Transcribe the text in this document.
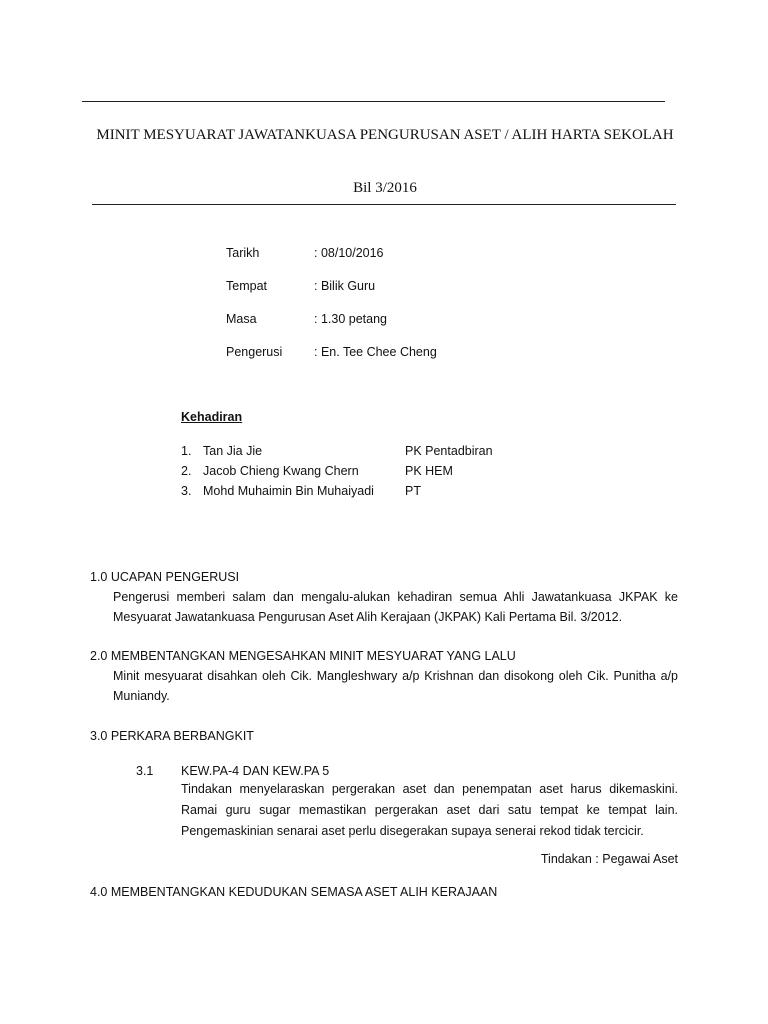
MINIT MESYUARAT JAWATANKUASA PENGURUSAN ASET / ALIH HARTA SEKOLAH
Bil 3/2016
Tarikh	: 08/10/2016
Tempat	: Bilik Guru
Masa	: 1.30 petang
Pengerusi	: En. Tee Chee Cheng
Kehadiran
1. Tan Jia Jie	PK Pentadbiran
2. Jacob Chieng Kwang Chern	PK HEM
3. Mohd Muhaimin Bin Muhaiyadi PT
1.0 UCAPAN PENGERUSI
Pengerusi memberi salam dan mengalu-alukan kehadiran semua Ahli Jawatankuasa JKPAK ke Mesyuarat Jawatankuasa Pengurusan Aset Alih Kerajaan (JKPAK) Kali Pertama Bil. 3/2012.
2.0 MEMBENTANGKAN MENGESAHKAN MINIT MESYUARAT YANG LALU
Minit mesyuarat disahkan oleh Cik. Mangleshwary a/p Krishnan dan disokong oleh Cik. Punitha a/p Muniandy.
3.0 PERKARA BERBANGKIT
3.1 KEW.PA-4 DAN KEW.PA 5
Tindakan menyelaraskan pergerakan aset dan penempatan aset harus dikemaskini. Ramai guru sugar memastikan pergerakan aset dari satu tempat ke tempat lain. Pengemaskinian senarai aset perlu disegerakan supaya senerai rekod tidak tercicir.
Tindakan : Pegawai Aset
4.0 MEMBENTANGKAN KEDUDUKAN SEMASA ASET ALIH KERAJAAN
